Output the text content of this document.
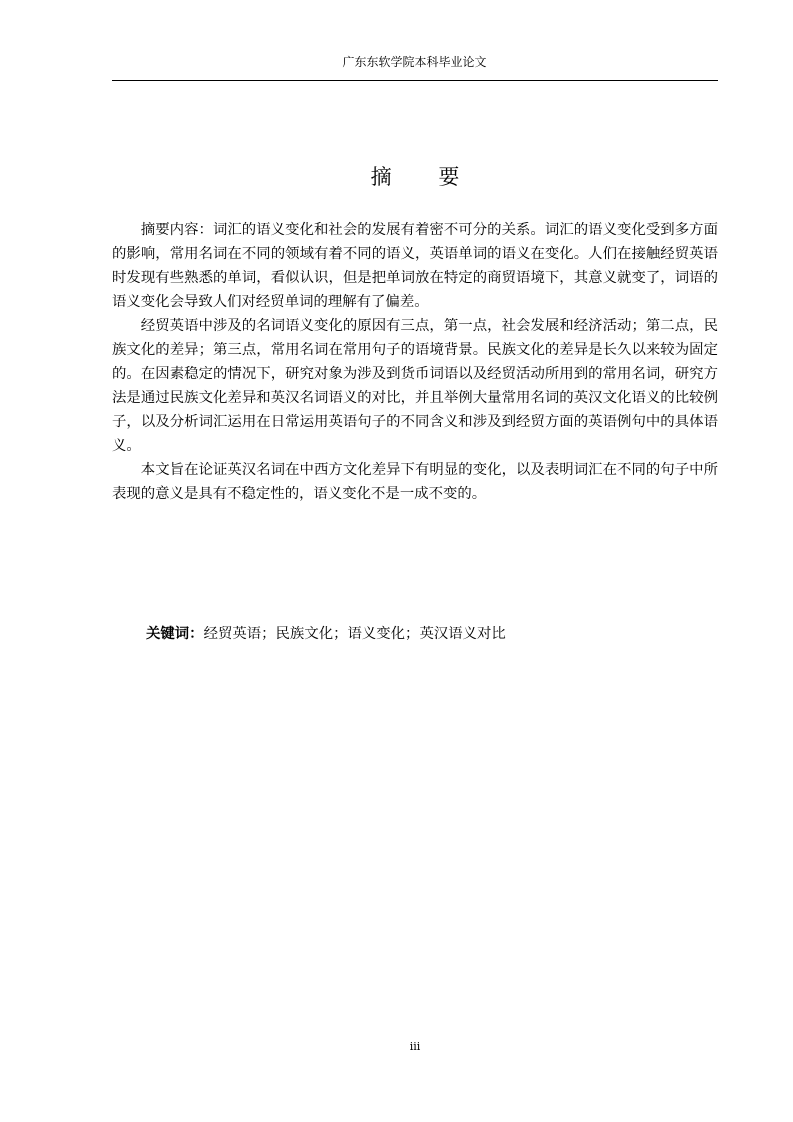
广东东软学院本科毕业论文
摘 要

摘要内容：词汇的语义变化和社会的发展有着密不可分的关系。词汇的语义变化受到多方面的影响，常用名词在不同的领域有着不同的语义，英语单词的语义在变化。人们在接触经贸英语时发现有些熟悉的单词，看似认识，但是把单词放在特定的商贸语境下，其意义就变了，词语的语义变化会导致人们对经贸单词的理解有了偏差。

经贸英语中涉及的名词语义变化的原因有三点，第一点，社会发展和经济活动；第二点，民族文化的差异；第三点，常用名词在常用句子的语境背景。民族文化的差异是长久以来较为固定的。在因素稳定的情况下，研究对象为涉及到货币词语以及经贸活动所用到的常用名词，研究方法是通过民族文化差异和英汉名词语义的对比，并且举例大量常用名词的英汉文化语义的比较例子，以及分析词汇运用在日常运用英语句子的不同含义和涉及到经贸方面的英语例句中的具体语义。

本文旨在论证英汉名词在中西方文化差异下有明显的变化，以及表明词汇在不同的句子中所表现的意义是具有不稳定性的，语义变化不是一成不变的。

关键词：经贸英语；民族文化；语义变化；英汉语义对比
iii
